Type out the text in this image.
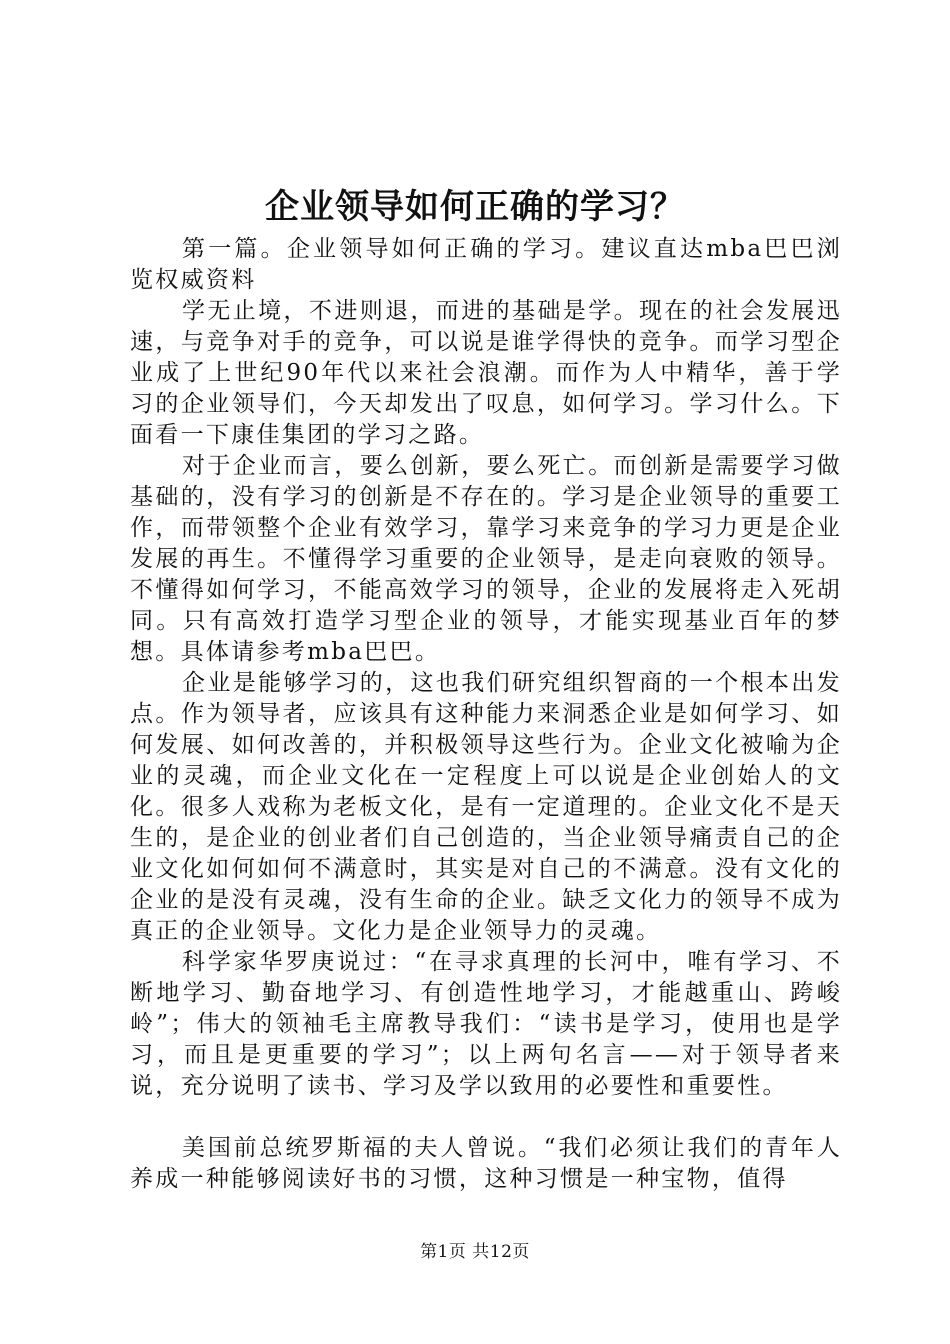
企业领导如何正确的学习？

第一篇。企业领导如何正确的学习。建议直达mba巴巴浏览权威资料

学无止境，不进则退，而进的基础是学。现在的社会发展迅速，与竞争对手的竞争，可以说是谁学得快的竞争。而学习型企业成了上世纪90年代以来社会浪潮。而作为人中精华，善于学习的企业领导们，今天却发出了叹息，如何学习。学习什么。下面看一下康佳集团的学习之路。

对于企业而言，要么创新，要么死亡。而创新是需要学习做基础的，没有学习的创新是不存在的。学习是企业领导的重要工作，而带领整个企业有效学习，靠学习来竞争的学习力更是企业发展的再生。不懂得学习重要的企业领导，是走向衰败的领导。不懂得如何学习，不能高效学习的领导，企业的发展将走入死胡同。只有高效打造学习型企业的领导，才能实现基业百年的梦想。具体请参考mba巴巴。

企业是能够学习的，这也我们研究组织智商的一个根本出发点。作为领导者，应该具有这种能力来洞悉企业是如何学习、如何发展、如何改善的，并积极领导这些行为。企业文化被喻为企业的灵魂，而企业文化在一定程度上可以说是企业创始人的文化。很多人戏称为老板文化，是有一定道理的。企业文化不是天生的，是企业的创业者们自己创造的，当企业领导痛责自己的企业文化如何如何不满意时，其实是对自己的不满意。没有文化的企业的是没有灵魂，没有生命的企业。缺乏文化力的领导不成为真正的企业领导。文化力是企业领导力的灵魂。

科学家华罗庚说过：“在寻求真理的长河中，唯有学习、不断地学习、勤奋地学习、有创造性地学习，才能越重山、跨峻岭”；伟大的领袖毛主席教导我们：“读书是学习，使用也是学习，而且是更重要的学习”；以上两句名言——对于领导者来说，充分说明了读书、学习及学以致用的必要性和重要性。

美国前总统罗斯福的夫人曾说。“我们必须让我们的青年人养成一种能够阅读好书的习惯，这种习惯是一种宝物，值得

第1页 共12页
